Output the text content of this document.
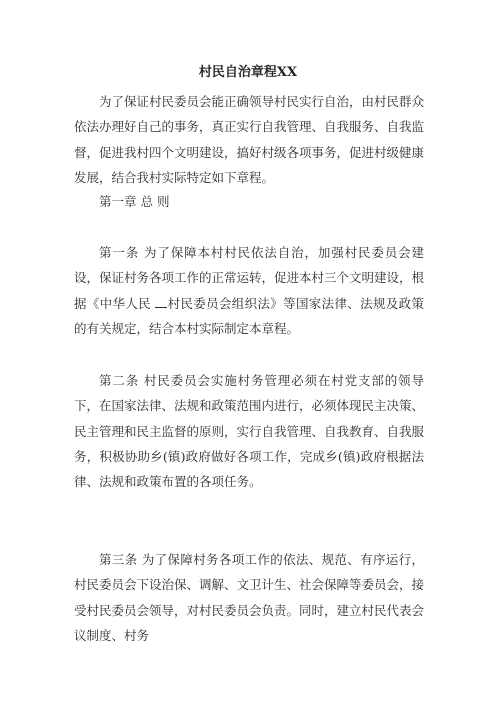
村民自治章程XX

为了保证村民委员会能正确领导村民实行自治，由村民群众依法办理好自己的事务，真正实行自我管理、自我服务、自我监督，促进我村四个文明建设，搞好村级各项事务，促进村级健康发展，结合我村实际特定如下章程。

第一章 总 则

第一条 为了保障本村村民依法自治，加强村民委员会建设，保证村务各项工作的正常运转，促进本村三个文明建设，根据《中华人民 村民委员会组织法》等国家法律、法规及政策的有关规定，结合本村实际制定本章程。

第二条 村民委员会实施村务管理必须在村党支部的领导下，在国家法律、法规和政策范围内进行，必须体现民主决策、民主管理和民主监督的原则，实行自我管理、自我教育、自我服务，积极协助乡(镇)政府做好各项工作，完成乡(镇)政府根据法律、法规和政策布置的各项任务。

第三条 为了保障村务各项工作的依法、规范、有序运行，村民委员会下设治保、调解、文卫计生、社会保障等委员会，接受村民委员会领导，对村民委员会负责。同时，建立村民代表会议制度、村务
